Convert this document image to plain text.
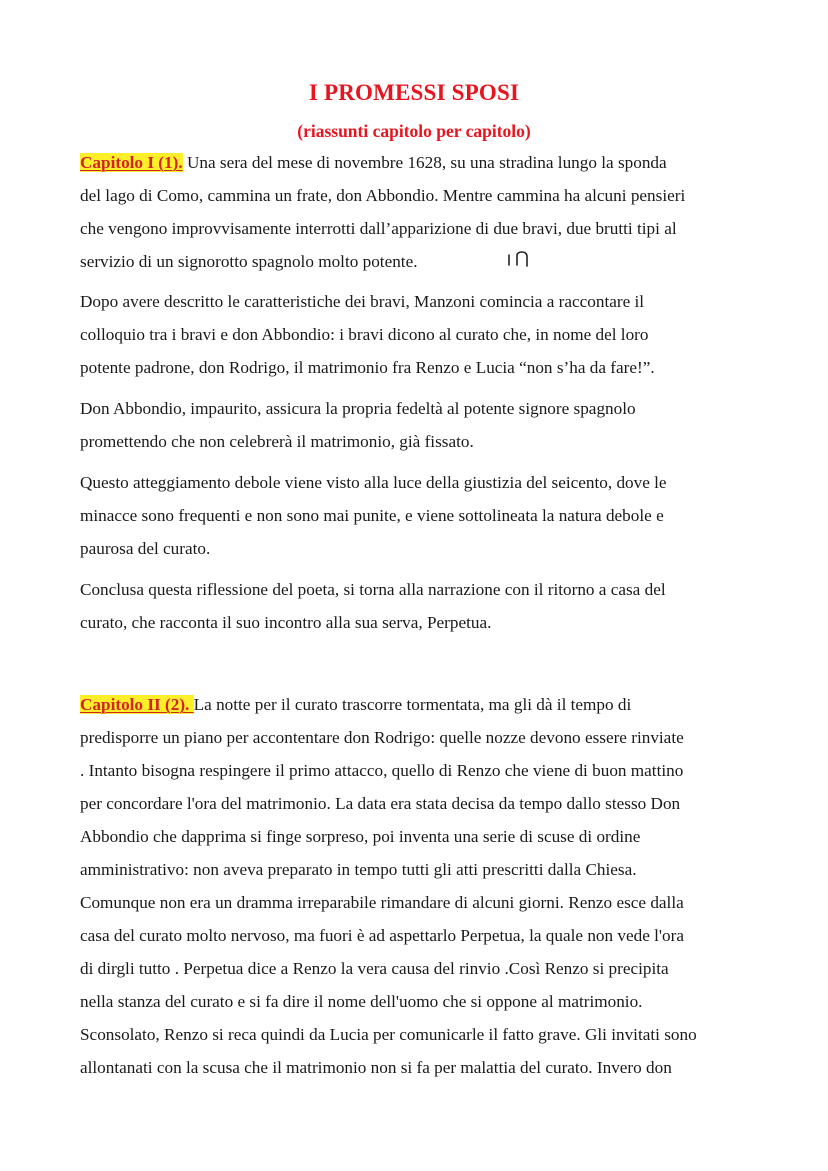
I PROMESSI SPOSI
(riassunti capitolo per capitolo)
Capitolo I (1). Una sera del mese di novembre 1628, su una stradina lungo la sponda
del lago di Como, cammina un frate, don Abbondio. Mentre cammina ha alcuni pensieri
che vengono improvvisamente interrotti dall’apparizione di due bravi, due brutti tipi al
servizio di un signorotto spagnolo molto potente.
Dopo avere descritto le caratteristiche dei bravi, Manzoni comincia a raccontare il
colloquio tra i bravi e don Abbondio: i bravi dicono al curato che, in nome del loro
potente padrone, don Rodrigo, il matrimonio fra Renzo e Lucia “non s’ha da fare!”.
Don Abbondio, impaurito, assicura la propria fedeltà al potente signore spagnolo
promettendo che non celebrerà il matrimonio, già fissato.
Questo atteggiamento debole viene visto alla luce della giustizia del seicento, dove le
minacce sono frequenti e non sono mai punite, e viene sottolineata la natura debole e
paurosa del curato.
Conclusa questa riflessione del poeta, si torna alla narrazione con il ritorno a casa del
curato, che racconta il suo incontro alla sua serva, Perpetua.
Capitolo II (2). La notte per il curato trascorre tormentata, ma gli dà il tempo di
predisporre un piano per accontentare don Rodrigo: quelle nozze devono essere rinviate
. Intanto bisogna respingere il primo attacco, quello di Renzo che viene di buon mattino
per concordare l'ora del matrimonio. La data era stata decisa da tempo dallo stesso Don
Abbondio che dapprima si finge sorpreso, poi inventa una serie di scuse di ordine
amministrativo: non aveva preparato in tempo tutti gli atti prescritti dalla Chiesa.
Comunque non era un dramma irreparabile rimandare di alcuni giorni. Renzo esce dalla
casa del curato molto nervoso, ma fuori è ad aspettarlo Perpetua, la quale non vede l'ora
di dirgli tutto . Perpetua dice a Renzo la vera causa del rinvio .Così Renzo si precipita
nella stanza del curato e si fa dire il nome dell'uomo che si oppone al matrimonio.
Sconsolato, Renzo si reca quindi da Lucia per comunicarle il fatto grave. Gli invitati sono
allontanati con la scusa che il matrimonio non si fa per malattia del curato. Invero don
